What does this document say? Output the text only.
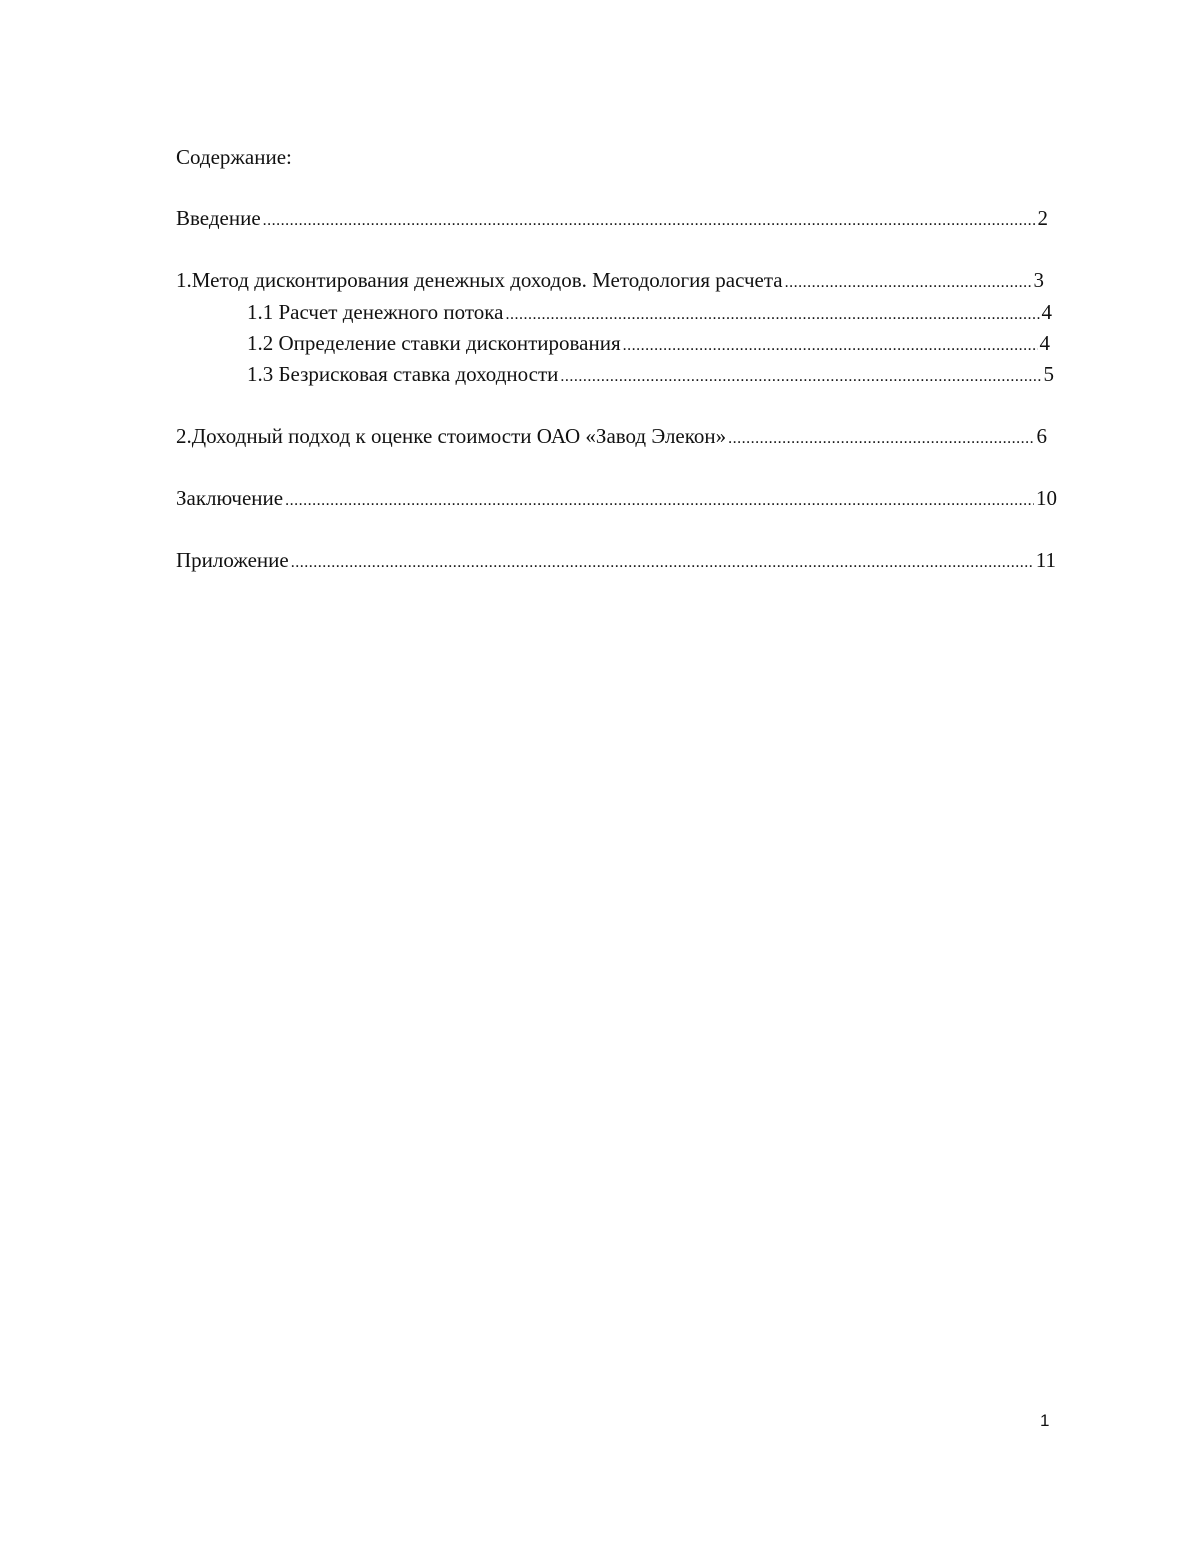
Содержание:
Введение .....	2
1. Метод дисконтирования денежных доходов. Методология расчета .....	3
1.1 Расчет денежного потока .....	4
1.2 Определение ставки дисконтирования .....	4
1.3 Безрисковая ставка доходности .....	5
2. Доходный подход к оценке стоимости ОАО «Завод Элекон» .....	6
Заключение .....	10
Приложение .....	11
1
